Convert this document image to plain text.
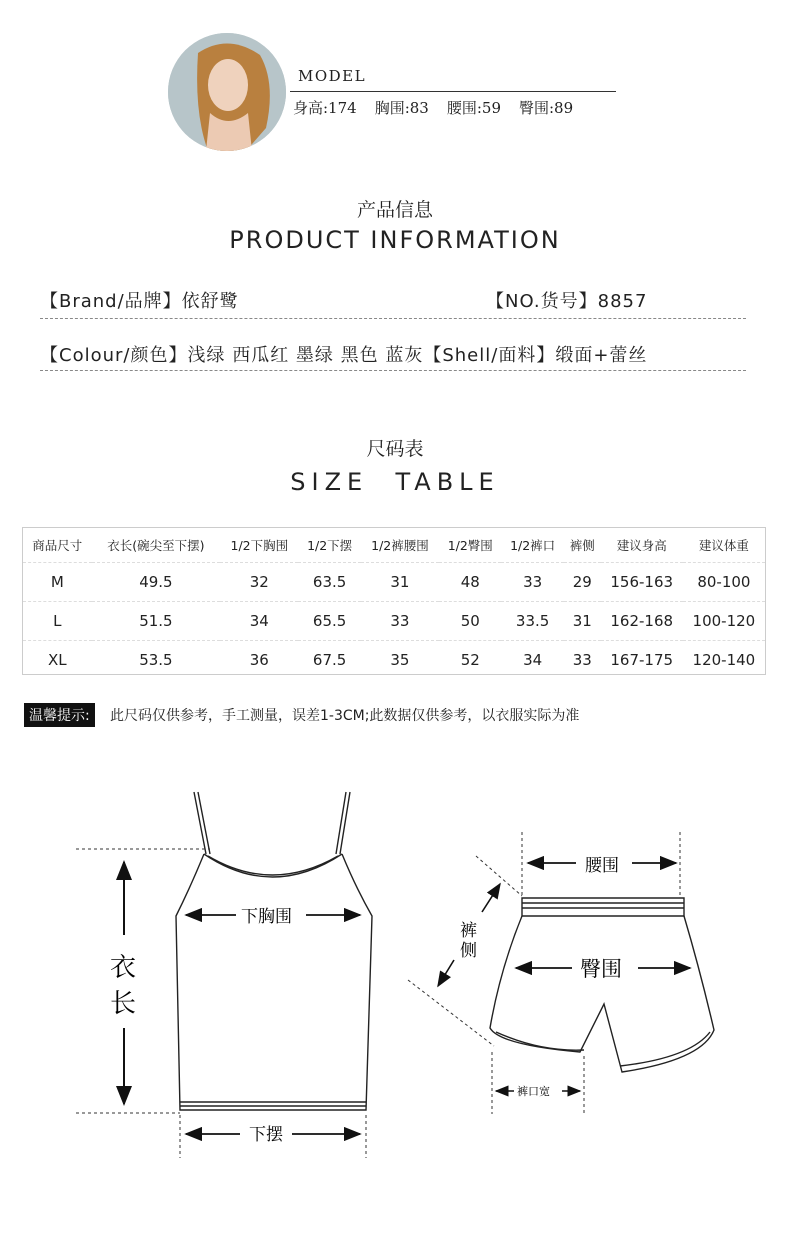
MODEL
身高:174 胸围:83 腰围:59 臀围:89
产品信息
PRODUCT INFORMATION
【Brand/品牌】依舒鹭	【NO.货号】8857
【Colour/颜色】浅绿 西瓜红 墨绿 黑色 蓝灰【Shell/面料】缎面+蕾丝
尺码表
SIZE  TABLE
商品尺寸	衣长(碗尖至下摆)	1/2下胸围	1/2下摆	1/2裤腰围	1/2臀围	1/2裤口	裤侧	建议身高	建议体重
M	49.5	32	63.5	31	48	33	29	156-163	80-100
L	51.5	34	65.5	33	50	33.5	31	162-168	100-120
XL	53.5	36	67.5	35	52	34	33	167-175	120-140
温馨提示:	此尺码仅供参考，手工测量，误差1-3CM;此数据仅供参考，以衣服实际为准
衣
长
下胸围
下摆
腰围
臀围
裤
侧
裤口宽
